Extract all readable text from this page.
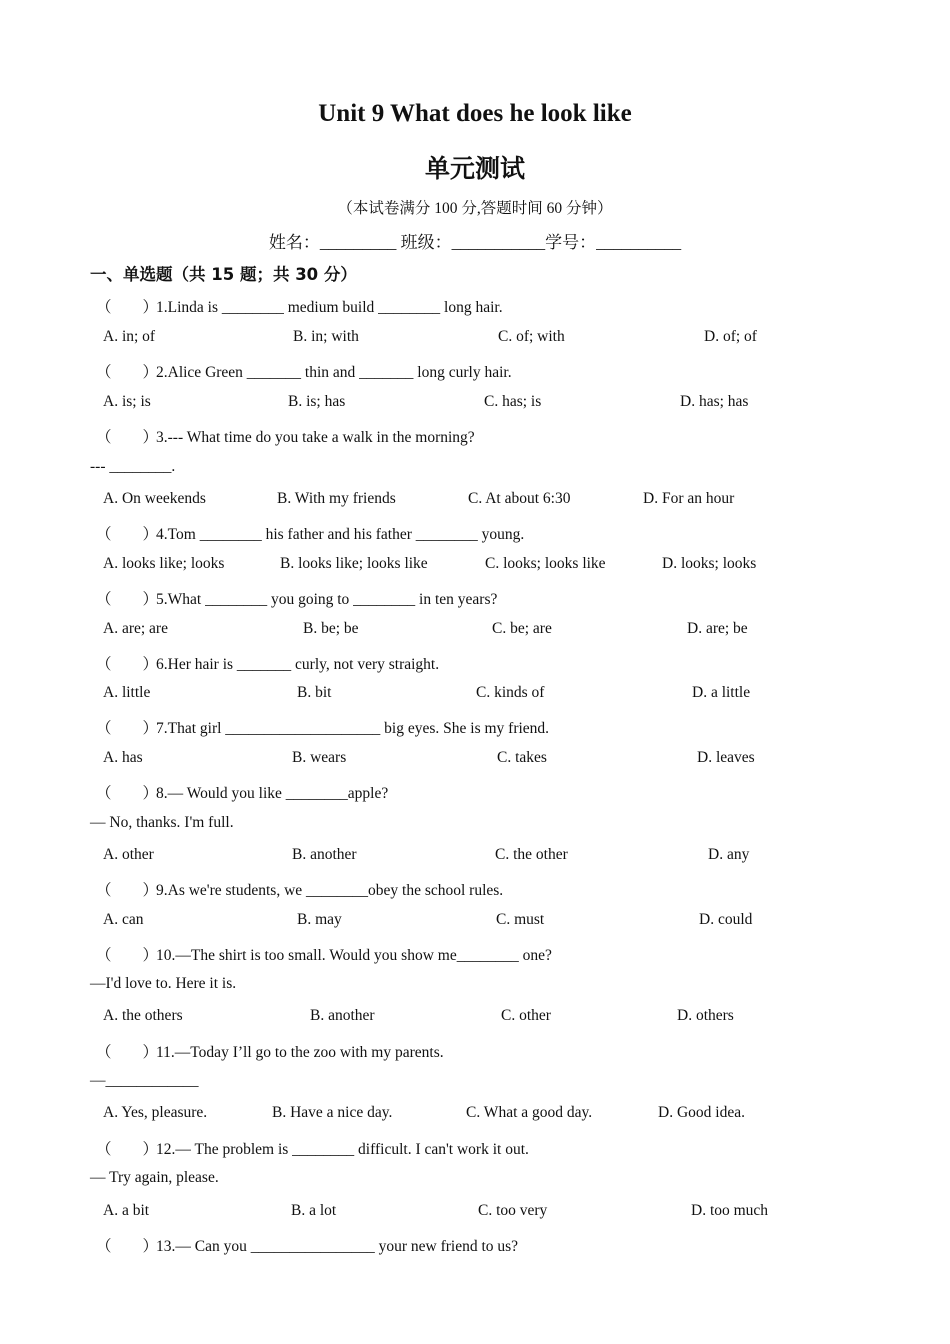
Unit 9 What does he look like
单元测试
（本试卷满分 100 分,答题时间 60 分钟）
姓名：_________ 班级：___________学号：__________
一、单选题（共 15 题；共 30 分）
（　　）1.Linda is ________ medium build ________ long hair.
A. in; of	B. in; with	C. of; with	D. of; of
（　　）2.Alice Green _______ thin and _______ long curly hair.
A. is; is	B. is; has	C. has; is	D. has; has
（　　）3.--- What time do you take a walk in the morning?
--- ________.
A. On weekends	B. With my friends	C. At about 6:30	D. For an hour
（　　）4.Tom ________ his father and his father ________ young.
A. looks like; looks	B. looks like; looks like	C. looks; looks like	D. looks; looks
（　　）5.What ________ you going to ________ in ten years?
A. are; are	B. be; be	C. be; are	D. are; be
（　　）6.Her hair is _______ curly, not very straight.
A. little	B. bit	C. kinds of	D. a little
（　　）7.That girl ____________________ big eyes. She is my friend.
A. has	B. wears	C. takes	D. leaves
（　　）8.— Would you like ________apple?
— No, thanks. I'm full.
A. other	B. another	C. the other	D. any
（　　）9.As we're students, we ________obey the school rules.
A. can	B. may	C. must	D. could
（　　）10.—The shirt is too small. Would you show me________ one?
—I'd love to. Here it is.
A. the others	B. another	C. other	D. others
（　　）11.—Today I’ll go to the zoo with my parents.
—____________
A. Yes, pleasure.	B. Have a nice day.	C. What a good day.	D. Good idea.
（　　）12.— The problem is ________ difficult. I can't work it out.
— Try again, please.
A. a bit	B. a lot	C. too very	D. too much
（　　）13.— Can you ________________ your new friend to us?
